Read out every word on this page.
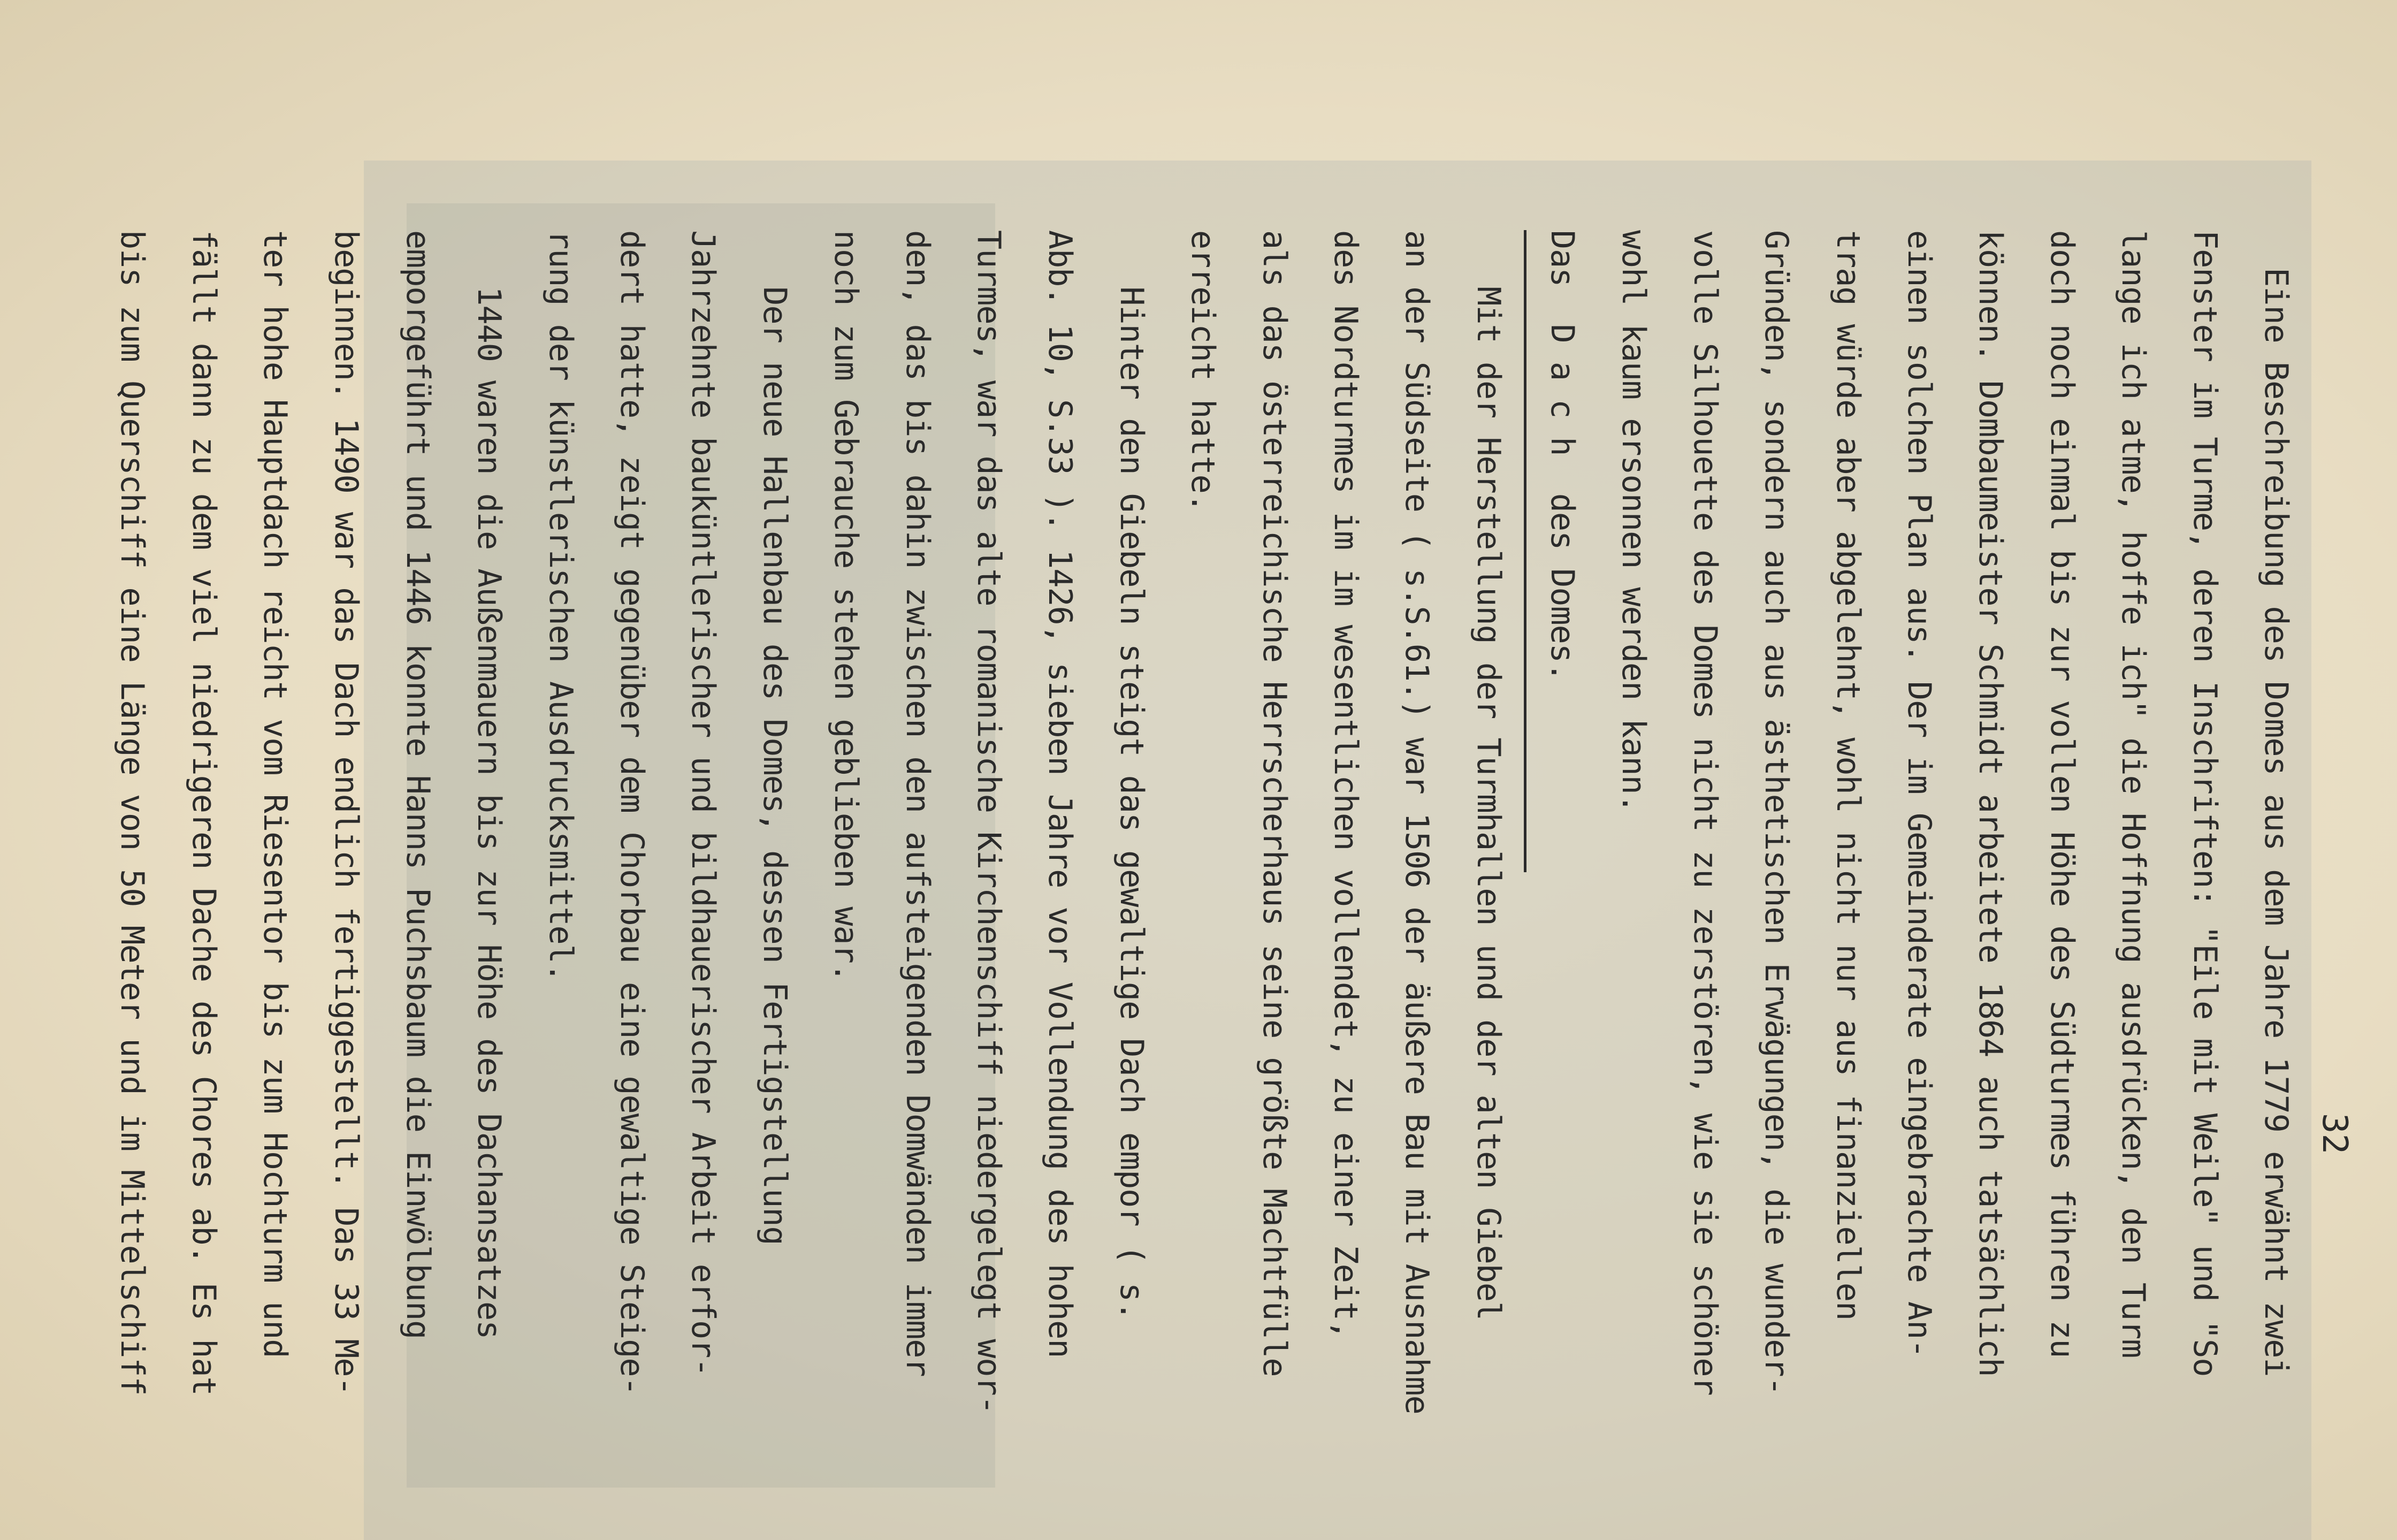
32
Eine Beschreibung des Domes aus dem Jahre 1779 erwähnt zwei
Fenster im Turme, deren Inschriften: "Eile mit Weile" und "So
lange ich atme, hoffe ich" die Hoffnung ausdrücken, den Turm
doch noch einmal bis zur vollen Höhe des Südturmes führen zu
können. Dombaumeister Schmidt arbeitete 1864 auch tatsächlich
einen solchen Plan aus. Der im Gemeinderate eingebrachte An-
trag würde aber abgelehnt, wohl nicht nur aus finanziellen
Gründen, sondern auch aus ästhetischen Erwägungen, die wunder-
volle Silhouette des Domes nicht zu zerstören, wie sie schöner
wohl kaum ersonnen werden kann.
Das  D a c h  des Domes.
Mit der Herstellung der Turmhallen und der alten Giebel
an der Südseite ( s.S.61.) war 1506 der äußere Bau mit Ausnahme
des Nordturmes im im wesentlichen vollendet, zu einer Zeit,
als das österreichische Herrscherhaus seine größte Machtfülle
erreicht hatte.
Hinter den Giebeln steigt das gewaltige Dach empor ( s.
Abb. 10, S.33 ). 1426, sieben Jahre vor Vollendung des hohen
Turmes, war das alte romanische Kirchenschiff niedergelegt wor-
den, das bis dahin zwischen den aufsteigenden Domwänden immer
noch zum Gebrauche stehen geblieben war.
Der neue Hallenbau des Domes, dessen Fertigstellung
Jahrzehnte bauküntlerischer und bildhauerischer Arbeit erfor-
dert hatte, zeigt gegenüber dem Chorbau eine gewaltige Steige-
rung der künstlerischen Ausdrucksmittel.
1440 waren die Außenmauern bis zur Höhe des Dachansatzes
emporgeführt und 1446 konnte Hanns Puchsbaum die Einwölbung
beginnen. 1490 war das Dach endlich fertiggestellt. Das 33 Me-
ter hohe Hauptdach reicht vom Riesentor bis zum Hochturm und
fällt dann zu dem viel niedrigeren Dache des Chores ab. Es hat
bis zum Querschiff eine Länge von 50 Meter und im Mittelschiff
